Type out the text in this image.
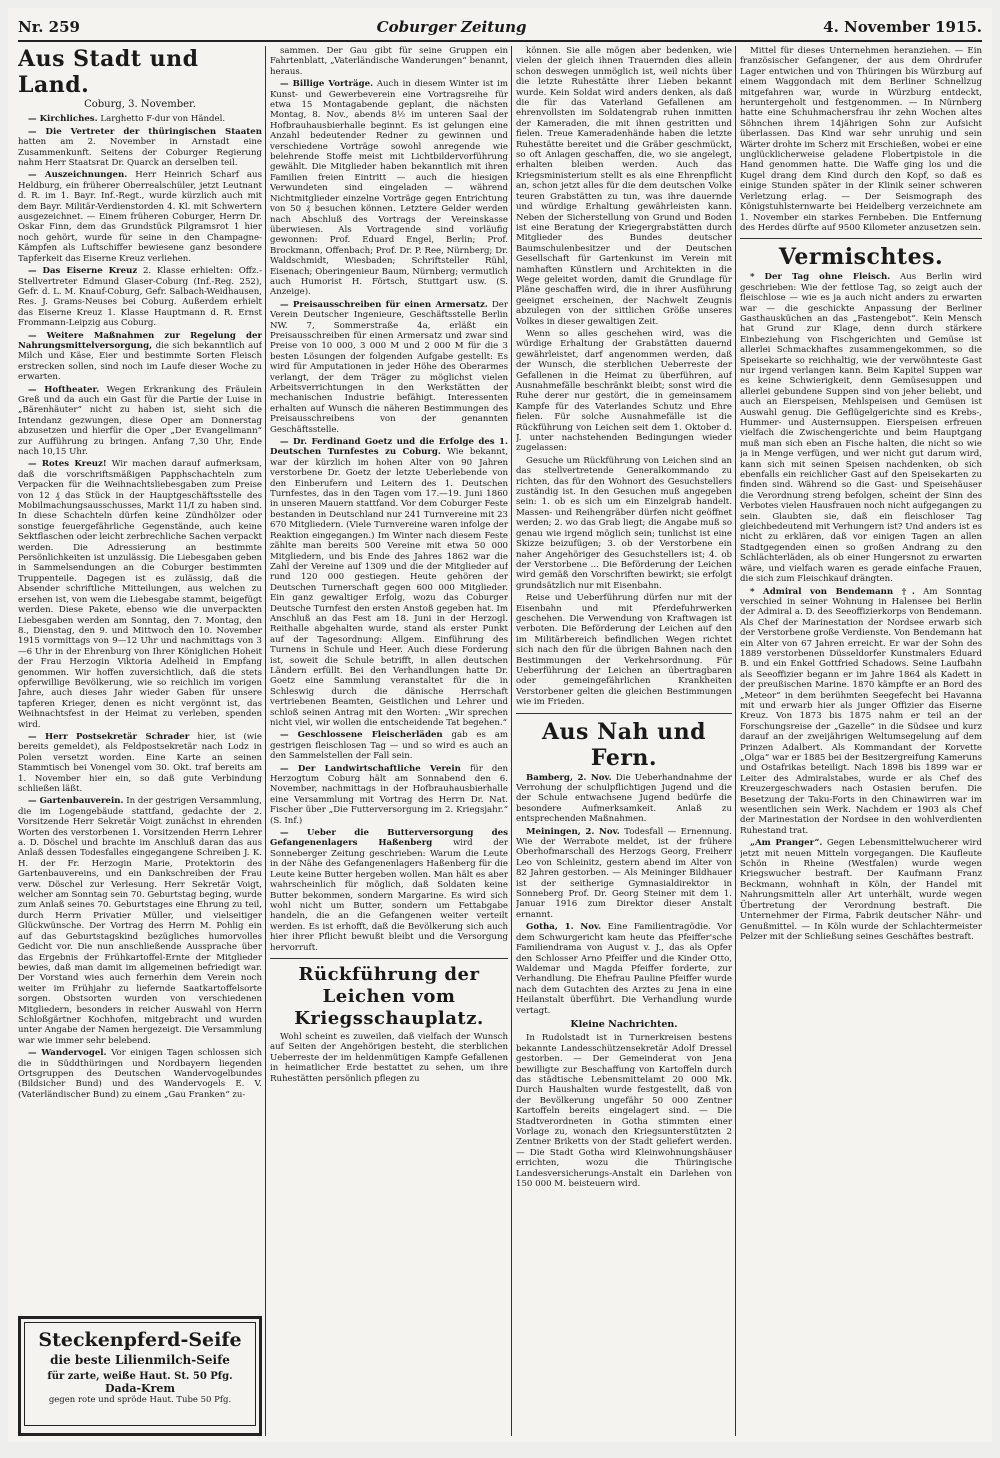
Nr. 259	Coburger Zeitung	4. November 1915.
Aus Stadt und Land.
Coburg, 3. November.

— Kirchliches. Larghetto F-dur von Händel.

— Die Vertreter der thüringischen Staaten hatten am 2. November in Arnstadt eine Zusammenkunft. Seitens der Coburger Regierung nahm Herr Staatsrat Dr. Quarck an derselben teil.

— Auszeichnungen. Herr Heinrich Scharf aus Heldburg, ein früherer Oberrealschüler, jetzt Leutnant d. R. im 1. Bayr. Inf.-Regt., wurde kürzlich auch mit dem Bayr. Militär-Verdienstorden 4. Kl. mit Schwertern ausgezeichnet. — Einem früheren Coburger, Herrn Dr. Oskar Finn, dem das Grundstück Pilgramsrot 1 hier noch gehört, wurde für seine in den Champagne-Kämpfen als Luftschiffer bewiesene ganz besondere Tapferkeit das Eiserne Kreuz verliehen.

— Das Eiserne Kreuz 2. Klasse erhielten: Offz.-Stellvertreter Edmund Glaser-Coburg (Inf.-Reg. 252), Gefr. d. L. M. Knauf-Coburg, Gefr. Salbach-Weidhausen, Res. J. Grams-Neuses bei Coburg. Außerdem erhielt das Eiserne Kreuz 1. Klasse Hauptmann d. R. Ernst Frommann-Leipzig aus Coburg.

— Weitere Maßnahmen zur Regelung der Nahrungsmittelversorgung, die sich bekanntlich auf Milch und Käse, Eier und bestimmte Sorten Fleisch erstrecken sollen, sind noch im Laufe dieser Woche zu erwarten.

— Hoftheater. Wegen Erkrankung des Fräulein Greß und da auch ein Gast für die Partie der Luise in „Bärenhäuter“ nicht zu haben ist, sieht sich die Intendanz gezwungen, diese Oper am Donnerstag abzusetzen und hierfür die Oper „Der Evangelimann“ zur Aufführung zu bringen. Anfang 7,30 Uhr, Ende nach 10,15 Uhr.

— Rotes Kreuz! Wir machen darauf aufmerksam, daß die vorschriftsmäßigen Papphschachteln zum Verpacken für die Weihnachtsliebesgaben zum Preise von 12 ₰ das Stück in der Hauptgeschäftsstelle des Mobilmachungsausschusses, Markt 11/I zu haben sind. In diese Schachteln dürfen keine Zündhölzer oder sonstige feuergefährliche Gegenstände, auch keine Sektflaschen oder leicht zerbrechliche Sachen verpackt werden. Die Adressierung an bestimmte Persönlichkeiten ist unzulässig. Die Liebesgaben geben in Sammelsendungen an die Coburger bestimmten Truppenteile. Dagegen ist es zulässig, daß die Absender schriftliche Mitteilungen, aus welchen zu ersehen ist, von wem die Liebesgabe stammt, beigefügt werden. Diese Pakete, ebenso wie die unverpackten Liebesgaben werden am Sonntag, den 7. Montag, den 8., Dienstag, den 9. und Mittwoch den 10. November 1915 vormittags von 9—12 Uhr und nachmittags von 3—6 Uhr in der Ehrenburg von Ihrer Königlichen Hoheit der Frau Herzogin Viktoria Adelheid in Empfang genommen. Wir hoffen zuversichtlich, daß die stets opferwillige Bevölkerung, wie so reichlich im vorigen Jahre, auch dieses Jahr wieder Gaben für unsere tapferen Krieger, denen es nicht vergönnt ist, das Weihnachtsfest in der Heimat zu verleben, spenden wird.

— Herr Postsekretär Schrader hier, ist (wie bereits gemeldet), als Feldpostsekretär nach Lodz in Polen versetzt worden. Eine Karte an seinen Stammtisch bei Vonengel vom 30. Okt. traf bereits am 1. November hier ein, so daß gute Verbindung schließen läßt.

— Gartenbauverein. In der gestrigen Versammlung, die im Logengebäude stattfand, gedachte der 2. Vorsitzende Herr Sekretär Voigt zunächst in ehrenden Worten des verstorbenen 1. Vorsitzenden Herrn Lehrer a. D. Döschel und brachte im Anschluß daran das aus Anlaß dessen Todesfalles eingegangene Schreiben J. K. H. der Fr. Herzogin Marie, Protektorin des Gartenbauvereins, und ein Dankschreiben der Frau verw. Döschel zur Verlesung. Herr Sekretär Voigt, welcher am Sonntag sein 70. Geburtstag beging, wurde zum Anlaß seines 70. Geburtstages eine Ehrung zu teil, durch Herrn Privatier Müller, und vielseitiger Glückwünsche. Der Vortrag des Herrn M. Pohlig ein auf das Geburtstagskind bezügliches humorvolles Gedicht vor. Die nun anschließende Aussprache über das Ergebnis der Frühkartoffel-Ernte der Mitglieder bewies, daß man damit im allgemeinen befriedigt war. Der Vorstand wies auch fernerhin dem Verein noch weiter im Frühjahr zu liefernde Saatkartoffelsorte sorgen. Obstsorten wurden von verschiedenen Mitgliedern, besonders in reicher Auswahl von Herrn Schloßgärtner Kochhofen, mitgebracht und wurden unter Angabe der Namen hergezeigt. Die Versammlung war wie immer sehr belebend.

— Wandervogel. Vor einigen Tagen schlossen sich die in Süddthüringen und Nordbayern liegenden Ortsgruppen des Deutschen Wandervogelbundes (Bildsicher Bund) und des Wandervogels E. V. (Vaterländischer Bund) zu einem „Gau Franken“ zu-

Steckenpferd-Seife
die beste Lilienmilch-Seife
für zarte, weiße Haut. St. 50 Pfg.
Dada-Krem
gegen rote und spröde Haut. Tube 50 Pfg.

sammen. Der Gau gibt für seine Gruppen ein Fahrtenblatt, „Vaterländische Wanderungen“ benannt, heraus.

— Billige Vorträge. Auch in diesem Winter ist im Kunst- und Gewerbeverein eine Vortragsreihe für etwa 15 Montagabende geplant, die nächsten Montag, 8. Nov., abends 8½ im unteren Saal der Hofbrauhausbierhalle beginnt. Es ist gelungen eine Anzahl bedeutender Redner zu gewinnen und verschiedene Vorträge sowohl anregende wie belehrende Stoffe meist mit Lichtbildervorführung gewählt. Die Mitglieder haben bekanntlich mit ihren Familien freien Eintritt — auch die hiesigen Verwundeten sind eingeladen — während Nichtmitglieder einzelne Vorträge gegen Entrichtung von 50 ₰ besuchen können. Letztere Gelder werden nach Abschluß des Vortrags der Vereinskasse überwiesen. Als Vortragende sind vorläufig gewonnen: Prof. Eduard Engel, Berlin; Prof. Brockmann, Offenbach; Prof. Dr. P. Ree, Nürnberg; Dr. Waldschmidt, Wiesbaden; Schriftsteller Rühl, Eisenach; Oberingenieur Baum, Nürnberg; vermutlich auch Humorist H. Förtsch, Stuttgart usw. (S. Anzeige).

— Preisausschreiben für einen Armersatz. Der Verein Deutscher Ingenieure, Geschäftsstelle Berlin NW. 7, Sommerstraße 4a, erläßt ein Preisausschreiben für einen Armersatz und zwar sind Preise von 10 000, 3 000 M und 2 000 M für die 3 besten Lösungen der folgenden Aufgabe gestellt: Es wird für Amputationen in jeder Höhe des Oberarmes verlangt, der dem Träger zu möglichst vielen Arbeitsverrichtungen in den Werkstätten der mechanischen Industrie befähigt. Interessenten erhalten auf Wunsch die näheren Bestimmungen des Preisausschreibens von der genannten Geschäftsstelle.

— Dr. Ferdinand Goetz und die Erfolge des 1. Deutschen Turnfestes zu Coburg. Wie bekannt, war der kürzlich im hohen Alter von 90 Jahren verstorbene Dr. Goetz der letzte Ueberlebende von den Einberufern und Leitern des 1. Deutschen Turnfestes, das in den Tagen vom 17.—19. Juni 1860 in unseren Mauern stattfand. Vor dem Coburger Feste bestanden in Deutschland nur 241 Turnvereine mit 23 670 Mitgliedern. (Viele Turnvereine waren infolge der Reaktion eingegangen.) Im Winter nach diesem Feste zählte man bereits 500 Vereine mit etwa 50 000 Mitgliedern, und bis Ende des Jahres 1862 war die Zahl der Vereine auf 1309 und die der Mitglieder auf rund 120 000 gestiegen. Heute gehören der Deutschen Turnerschaft gegen 600 000 Mitglieder. Ein ganz gewaltiger Erfolg, wozu das Coburger Deutsche Turnfest den ersten Anstoß gegeben hat. Im Anschluß an das Fest am 18. Juni in der Herzogl. Reithalle abgehalten wurde, stand als erster Punkt auf der Tagesordnung: Allgem. Einführung des Turnens in Schule und Heer. Auch diese Forderung ist, soweit die Schule betrifft, in allen deutschen Ländern erfüllt. Bei den Verhandlungen hatte Dr. Goetz eine Sammlung veranstaltet für die in Schleswig durch die dänische Herrschaft vertriebenen Beamten, Geistlichen und Lehrer und schloß seinen Antrag mit den Worten: „Wir sprechen nicht viel, wir wollen die entscheidende Tat begehen.“

— Geschlossene Fleischerläden gab es am gestrigen fleischlosen Tag — und so wird es auch an den Sammelstellen der Fall sein.

— Der Landwirtschaftliche Verein für den Herzogtum Coburg hält am Sonnabend den 6. November, nachmittags in der Hofbrauhausbierhalle eine Versammlung mit Vortrag des Herrn Dr. Nat. Fischer über „Die Futterversorgung im 2. Kriegsjahr.“ (S. Inf.)

— Ueber die Butterversorgung des Gefangenenlagers Haßenberg wird der Sonneberger Zeitung geschrieben: Warum die Leute in der Nähe des Gefangenenlagers Haßenberg für die Leute keine Butter hergeben wollen. Man hält es aber wahrscheinlich für möglich, daß Soldaten keine Butter bekommen, sondern Margarine. Es wird sich wohl nicht um Butter, sondern um Fettabgabe handeln, die an die Gefangenen weiter verteilt werden. Es ist erhofft, daß die Bevölkerung sich auch hier ihrer Pflicht bewußt bleibt und die Versorgung hervorruft.

Rückführung der Leichen vom Kriegsschauplatz.

Wohl scheint es zuweilen, daß vielfach der Wunsch auf Seiten der Angehörigen besteht, die sterblichen Ueberreste der im heldenmütigen Kampfe Gefallenen in heimatlicher Erde bestattet zu sehen, um ihre Ruhestätten persönlich pflegen zu

können. Sie alle mögen aber bedenken, wie vielen der gleich ihnen Trauernden dies allein schon deswegen unmöglich ist, weil nichts über die letzte Ruhestätte ihrer Lieben bekannt wurde. Kein Soldat wird anders denken, als daß die für das Vaterland Gefallenen am ehrenvollsten im Soldatengrab ruhen inmitten der Kameraden, die mit ihnen gestritten und fielen. Treue Kameradenhände haben die letzte Ruhestätte bereitet und die Gräber geschmückt, so oft Anlagen geschaffen, die, wo sie angelegt, erhalten bleiben werden. Auch das Kriegsministerium stellt es als eine Ehrenpflicht an, schon jetzt alles für die dem deutschen Volke teuren Grabstätten zu tun, was ihre dauernde und würdige Erhaltung gewährleisten kann. Neben der Sicherstellung von Grund und Boden ist eine Beratung der Kriegergrabstätten durch Mitglieder des Bundes deutscher Baumschulenbesitzer und der Deutschen Gesellschaft für Gartenkunst im Verein mit namhaften Künstlern und Architekten in die Wege geleitet worden, damit die Grundlage für Pläne geschaffen wird, die in ihrer Ausführung geeignet erscheinen, der Nachwelt Zeugnis abzulegen von der sittlichen Größe unseres Volkes in dieser gewaltigen Zeit.

Wenn so alles geschehen wird, was die würdige Erhaltung der Grabstätten dauernd gewährleistet, darf angenommen werden, daß der Wunsch, die sterblichen Ueberreste der Gefallenen in die Heimat zu überführen, auf Ausnahmefälle beschränkt bleibt; sonst wird die Ruhe derer nur gestört, die in gemeinsamem Kampfe für des Vaterlandes Schutz und Ehre fielen. Für solche Ausnahmefälle ist die Rückführung von Leichen seit dem 1. Oktober d. J. unter nachstehenden Bedingungen wieder zugelassen:

Gesuche um Rückführung von Leichen sind an das stellvertretende Generalkommando zu richten, das für den Wohnort des Gesuchstellers zuständig ist. In den Gesuchen muß angegeben sein: 1. ob es sich um ein Einzelgrab handelt. Massen- und Reihengräber dürfen nicht geöffnet werden; 2. wo das Grab liegt; die Angabe muß so genau wie irgend möglich sein; tunlichst ist eine Skizze beizufügen; 3. ob der Verstorbene ein naher Angehöriger des Gesuchstellers ist; 4. ob der Verstorbene ... Die Beförderung der Leichen wird gemäß den Vorschriften bewirkt; sie erfolgt grundsätzlich nur mit Eisenbahn.

Reise und Ueberführung dürfen nur mit der Eisenbahn und mit Pferdefuhrwerken geschehen. Die Verwendung von Kraftwagen ist verboten. Die Beförderung der Leichen auf den im Militärbereich befindlichen Wegen richtet sich nach den für die übrigen Bahnen nach den Bestimmungen der Verkehrsordnung. Für Ueberführung der Leichen an übertragbaren oder gemeingefährlichen Krankheiten Verstorbener gelten die gleichen Bestimmungen wie im Frieden.

Aus Nah und Fern.

Bamberg, 2. Nov. Die Ueberhandnahme der Verrohung der schulpflichtigen Jugend und die der Schule entwachsene Jugend bedürfe die besondere Aufmerksamkeit. Anlaß zu entsprechenden Maßnahmen.

Meiningen, 2. Nov. Todesfall — Ernennung. Wie der Werrabote meldet, ist der frühere Oberhofmarschall des Herzogs Georg, Freiherr Leo von Schleinitz, gestern abend im Alter von 82 Jahren gestorben. — Als Meininger Bildhauer ist der seitherige Gymnasialdirektor in Sonneberg Prof. Dr. Georg Steiner mit dem 1. Januar 1916 zum Direktor dieser Anstalt ernannt.

Gotha, 1. Nov. Eine Familientragödie. Vor dem Schwurgericht kam heute das Pfeiffer'sche Familiendrama von August v. J., das als Opfer den Schlosser Arno Pfeiffer und die Kinder Otto, Waldemar und Magda Pfeiffer forderte, zur Verhandlung. Die Ehefrau Pauline Pfeiffer wurde nach dem Gutachten des Arztes zu Jena in eine Heilanstalt überführt. Die Verhandlung wurde vertagt.

Kleine Nachrichten.

In Rudolstadt ist in Turnerkreisen bestens bekannte Landesschützensekretär Adolf Dressel gestorben. — Der Gemeinderat von Jena bewilligte zur Beschaffung von Kartoffeln durch das städtische Lebensmittelamt 20 000 Mk. Durch Haushalten wurde festgestellt, daß von der Bevölkerung ungefähr 50 000 Zentner Kartoffeln bereits eingelagert sind. — Die Stadtverordneten in Gotha stimmten einer Vorlage zu, wonach den Kriegsunterstützten 2 Zentner Briketts von der Stadt geliefert werden. — Die Stadt Gotha wird Kleinwohnungshäuser errichten, wozu die Thüringische Landesversicherungs-Anstalt ein Darlehen von 150 000 M. beisteuern wird.

Mittel für dieses Unternehmen heranziehen. — Ein französischer Gefangener, der aus dem Ohrdrufer Lager entwichen und von Thüringen bis Würzburg auf einem Waggondach mit dem Berliner Schnellzug mitgefahren war, wurde in Würzburg entdeckt, heruntergeholt und festgenommen. — In Nürnberg hatte eine Schuhmachersfrau ihr zehn Wochen altes Söhnchen ihrem 14jährigen Sohn zur Aufsicht überlassen. Das Kind war sehr unruhig und sein Wärter drohte im Scherz mit Erschießen, wobei er eine unglücklicherweise geladene Flobertpistole in die Hand genommen hatte. Die Waffe ging los und die Kugel drang dem Kind durch den Kopf, so daß es einige Stunden später in der Klinik seiner schweren Verletzung erlag. — Der Seismograph des Königstuhlsternwarte bei Heidelberg verzeichnete am 1. November ein starkes Fernbeben. Die Entfernung des Herdes dürfte auf 9500 Kilometer anzusetzen sein.

Vermischtes.

* Der Tag ohne Fleisch. Aus Berlin wird geschrieben: Wie der fettlose Tag, so zeigt auch der fleischlose — wie es ja auch nicht anders zu erwarten war — die geschickte Anpassung der Berliner Gasthausküchen an das „Fastengebot“. Kein Mensch hat Grund zur Klage, denn durch stärkere Einbeziehung von Fischgerichten und Gemüse ist allerlei Schmackhaftes zusammengekommen, so die Speisekarte so reichhaltig, wie der verwöhnteste Gast nur irgend verlangen kann. Beim Kapitel Suppen war es keine Schwierigkeit, denn Gemüsesuppen und allerlei gebundene Suppen sind von jeher beliebt, und auch an Eierspeisen, Mehlspeisen und Gemüsen ist Auswahl genug. Die Geflügelgerichte sind es Krebs-, Hummer- und Austernsuppen. Eierspeisen erfreuen vielfach die Zwischengerichte und beim Hauptgang muß man sich eben an Fische halten, die nicht so wie ja in Menge verfügen, und wer nicht gut darum wird, kann sich mit seinen Speisen nachdenken, ob sich ebenfalls ein reichlicher Gast auf den Speisekarten zu finden sind. Während so die Gast- und Speisehäuser die Verordnung streng befolgen, scheint der Sinn des Verbotes vielen Hausfrauen noch nicht aufgegangen zu sein. Glaubten sie, daß ein fleischloser Tag gleichbedeutend mit Verhungern ist? Und anders ist es nicht zu erklären, daß vor einigen Tagen an allen Stadtgegenden einen so großen Andrang zu den Schlächterläden, als ob einer Hungersnot zu erwarten wäre, und vielfach waren es gerade einfache Frauen, die sich zum Fleischkauf drängten.

* Admiral von Bendemann †. Am Sonntag verschied in seiner Wohnung in Halensee bei Berlin der Admiral a. D. des Seeoffizierkorps von Bendemann. Als Chef der Marinestation der Nordsee erwarb sich der Verstorbene große Verdienste. Von Bendemann hat ein Alter von 67 Jahren erreicht. Er war der Sohn des 1889 verstorbenen Düsseldorfer Kunstmalers Eduard B. und ein Enkel Gottfried Schadows. Seine Laufbahn als Seeoffizier begann er im Jahre 1864 als Kadett in der preußischen Marine. 1870 kämpfte er an Bord des „Meteor“ in dem berühmten Seegefecht bei Havanna mit und erwarb hier als junger Offizier das Eiserne Kreuz. Von 1873 bis 1875 nahm er teil an der Forschungsreise der „Gazelle“ in die Südsee und kurz darauf an der zweijährigen Weltumsegelung auf dem Prinzen Adalbert. Als Kommandant der Korvette „Olga“ war er 1885 bei der Besitzergreifung Kameruns und Ostafrikas beteiligt. Nach 1898 bis 1899 war er Leiter des Admiralstabes, wurde er als Chef des Kreuzergeschwaders nach Ostasien berufen. Die Besetzung der Taku-Forts in den Chinawirren war im wesentlichen sein Werk. Nachdem er 1903 als Chef der Marinestation der Nordsee in den wohlverdienten Ruhestand trat.

„Am Pranger“. Gegen Lebensmittelwucherer wird jetzt mit neuen Mitteln vorgegangen. Die Kaufleute Schön in Rheine (Westfalen) wurde wegen Kriegswucher bestraft. Der Kaufmann Franz Beckmann, wohnhaft in Köln, der Handel mit Nahrungsmitteln aller Art unterhält, wurde wegen Übertretung der Verordnung bestraft. Die Unternehmer der Firma, Fabrik deutscher Nähr- und Genußmittel. — In Köln wurde der Schlachtermeister Pelzer mit der Schließung seines Geschäftes bestraft.
